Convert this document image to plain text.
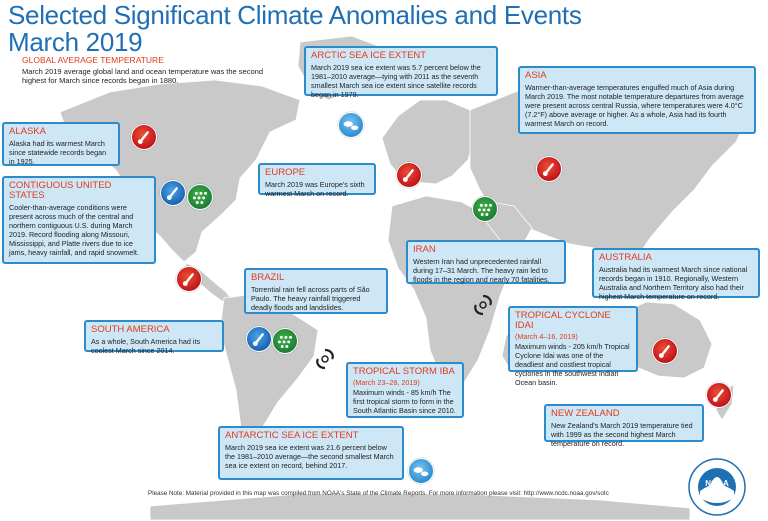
Selected Significant Climate Anomalies and Events
March 2019
GLOBAL AVERAGE TEMPERATURE
March 2019 average global land and ocean temperature was the second highest for March since records began in 1880.
ALASKA
Alaska had its warmest March since statewide records began in 1925.
CONTIGUOUS UNITED STATES
Cooler-than-average conditions were present across much of the central and northern contiguous U.S. during March 2019. Record flooding along Missouri, Mississippi, and Platte rivers due to ice jams, heavy rainfall, and rapid snowmelt.
ARCTIC SEA ICE EXTENT
March 2019 sea ice extent was 5.7 percent below the 1981–2010 average—tying with 2011 as the seventh smallest March sea ice extent since satellite records began in 1979.
ASIA
Warmer-than-average temperatures engulfed much of Asia during March 2019. The most notable temperature departures from average were present across central Russia, where temperatures were 4.0°C (7.2°F) above average or higher. As a whole, Asia had its fourth warmest March on record.
EUROPE
March 2019 was Europe's sixth warmest March on record.
IRAN
Western Iran had unprecedented rainfall during 17–31 March. The heavy rain led to floods in the region and nearly 70 fatalities.
AUSTRALIA
Australia had its warmest March since national records began in 1910. Regionally, Western Australia and Northern Territory also had their highest March temperature on record.
BRAZIL
Torrential rain fell across parts of São Paulo. The heavy rainfall triggered deadly floods and landslides.
SOUTH AMERICA
As a whole, South America had its coolest March since 2014.
TROPICAL CYCLONE IDAI
(March 4–16, 2019)
Maximum winds - 205 km/h Tropical Cyclone Idai was one of the deadliest and costliest tropical cyclones in the southwest Indian Ocean basin.
TROPICAL STORM IBA
(March 23–28, 2019)
Maximum winds - 85 km/h The first tropical storm to form in the South Atlantic Basin since 2010.
ANTARCTIC SEA ICE EXTENT
March 2019 sea ice extent was 21.6 percent below the 1981–2010 average—the second smallest March sea ice extent on record, behind 2017.
NEW ZEALAND
New Zealand's March 2019 temperature tied with 1999 as the second highest March temperature on record.
Please Note: Material provided in this map was compiled from NOAA's State of the Climate Reports. For more information please visit: http://www.ncdc.noaa.gov/sotc
NOAA
